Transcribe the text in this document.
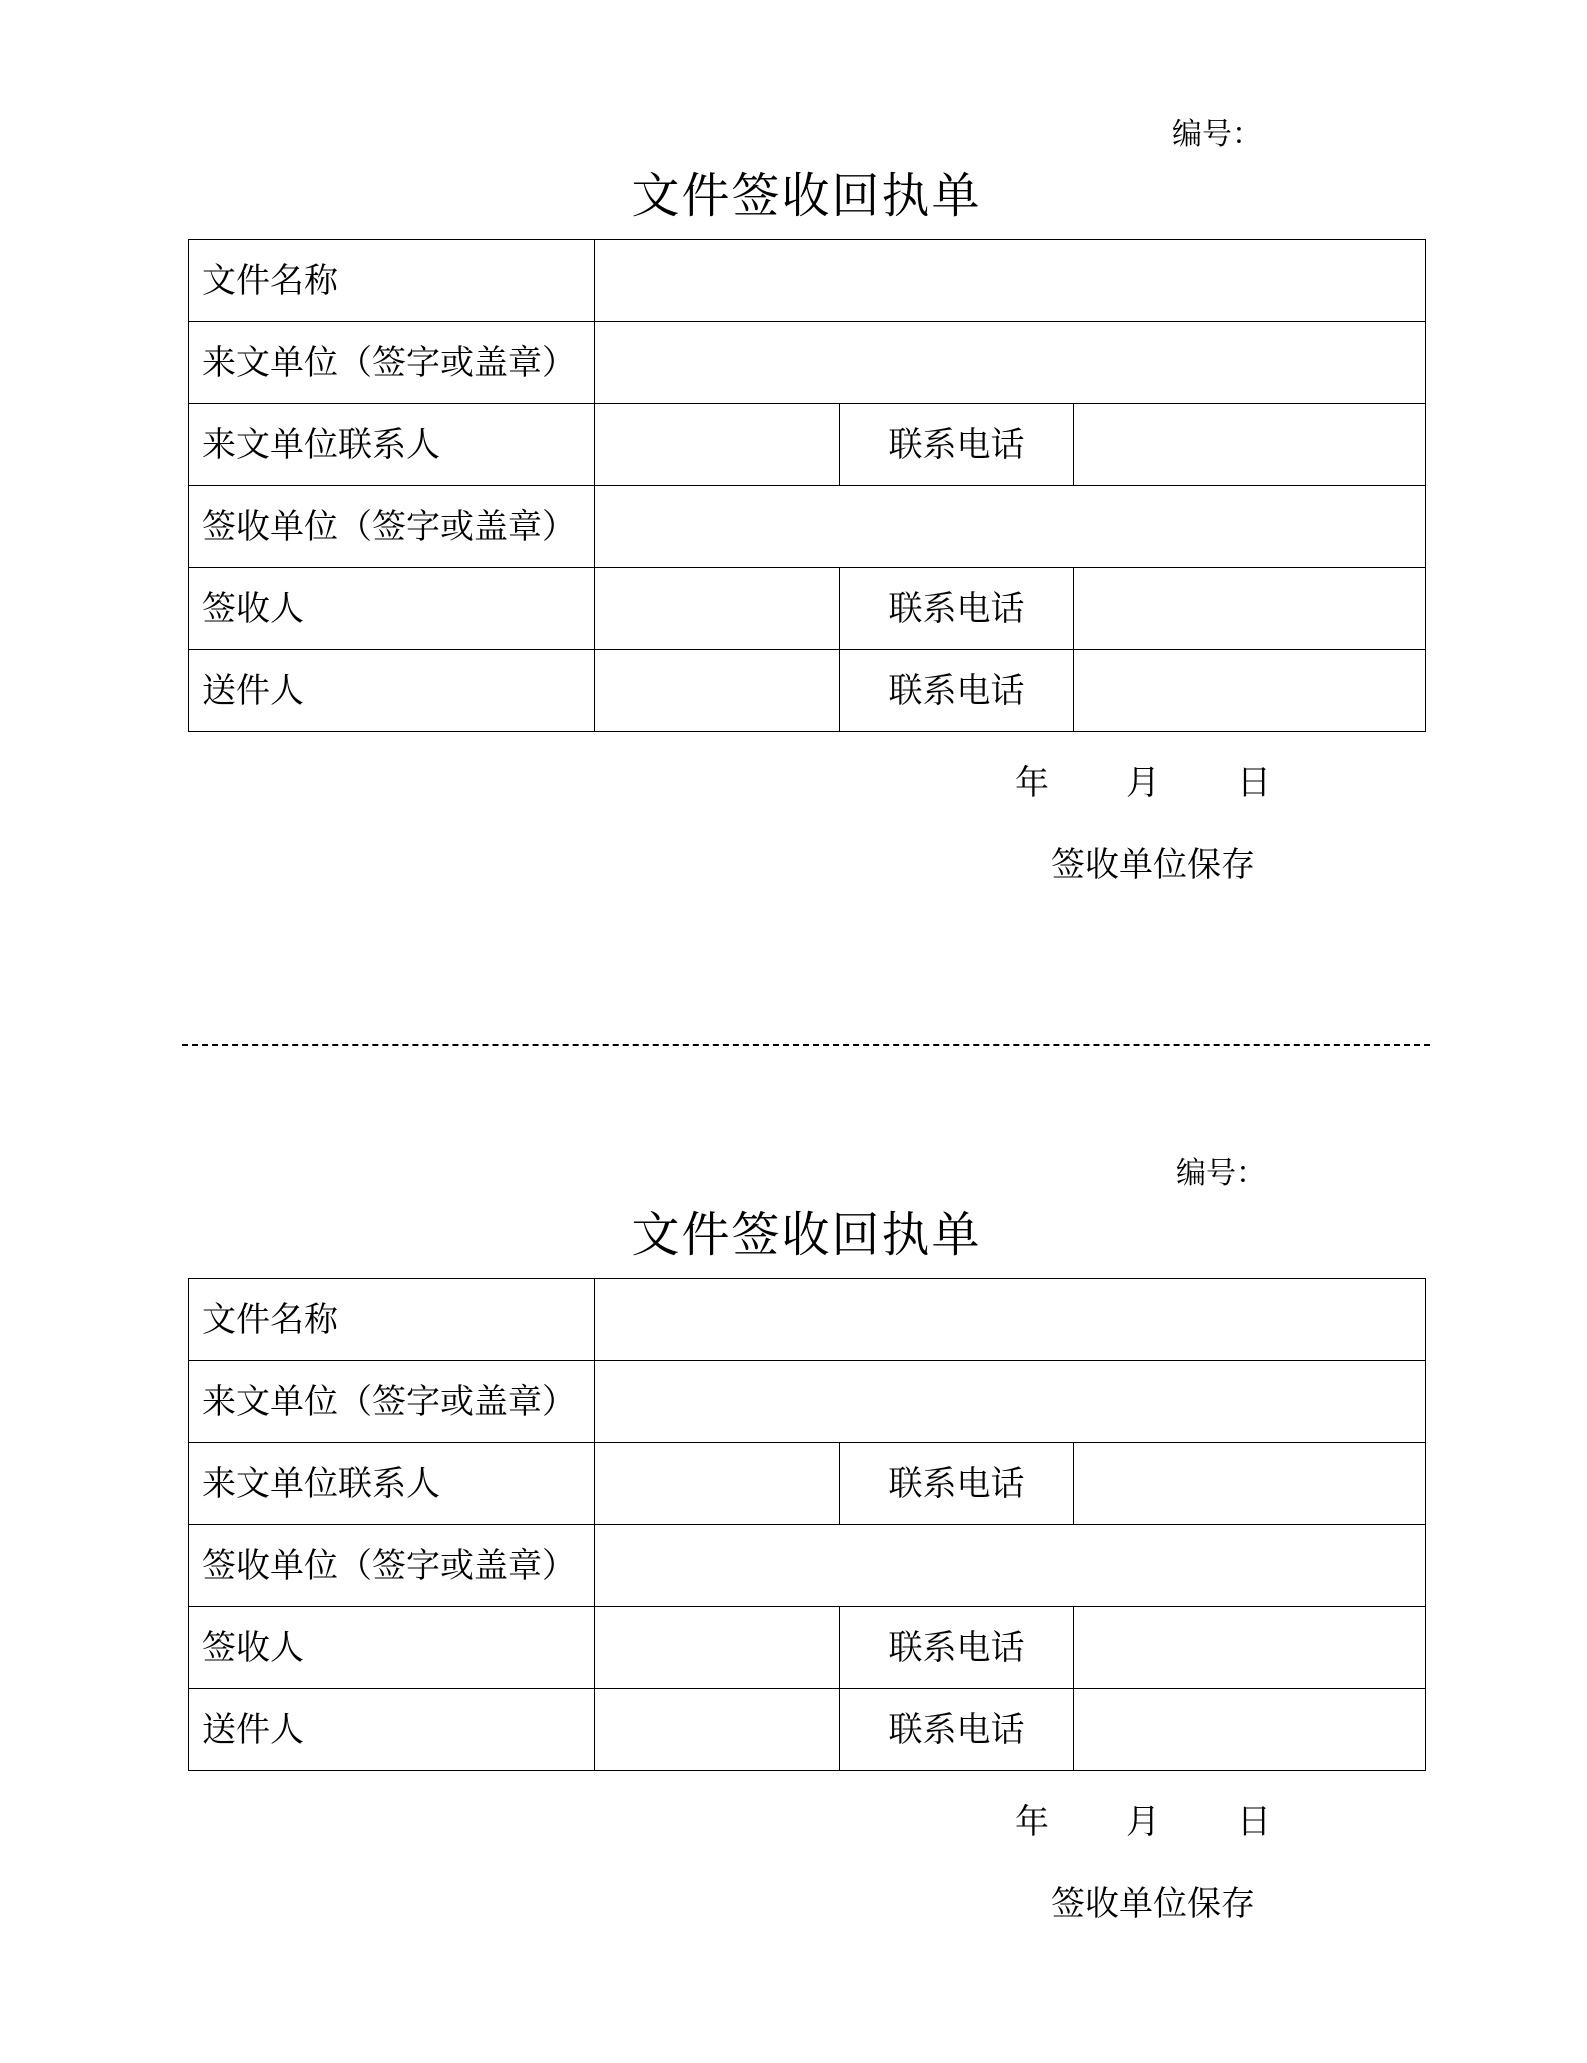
编号：
文件签收回执单
文件名称			
来文单位（签字或盖章）			
来文单位联系人		联系电话	
签收单位（签字或盖章）			
签收人		联系电话	
送件人		联系电话	
年 月 日
签收单位保存
编号：
文件签收回执单
文件名称			
来文单位（签字或盖章）			
来文单位联系人		联系电话	
签收单位（签字或盖章）			
签收人		联系电话	
送件人		联系电话	
年 月 日
签收单位保存
